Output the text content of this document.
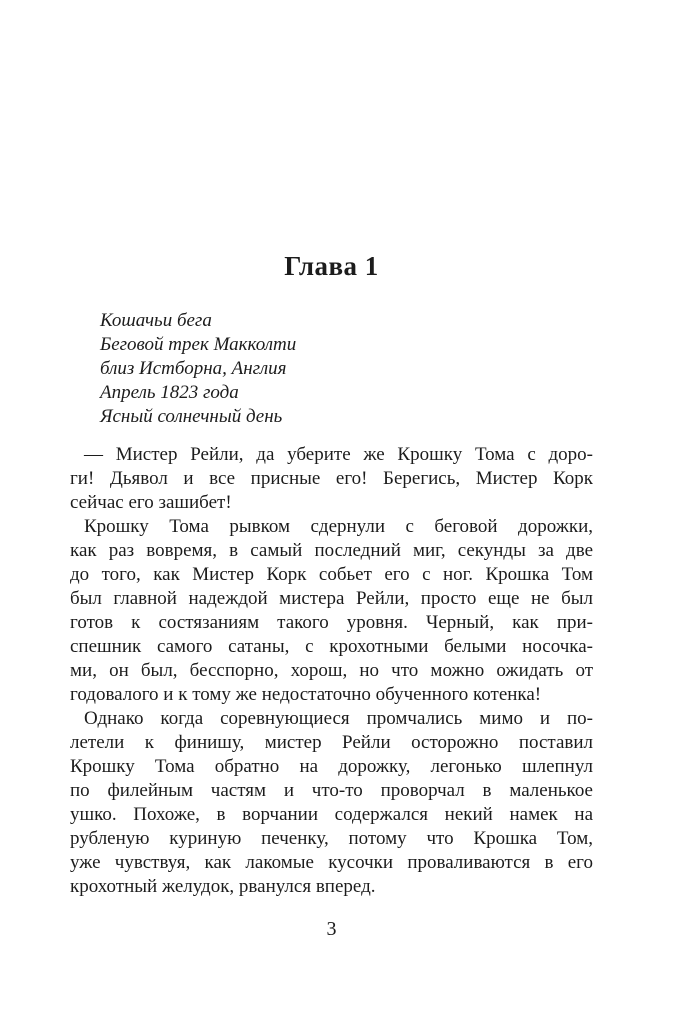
Глава 1
Кошачьи бега
Беговой трек Макколти
близ Истборна, Англия
Апрель 1823 года
Ясный солнечный день
— Мистер Рейли, да уберите же Крошку Тома с доро-
ги! Дьявол и все присные его! Берегись, Мистер Корк
сейчас его зашибет!
Крошку Тома рывком сдернули с беговой дорожки,
как раз вовремя, в самый последний миг, секунды за две
до того, как Мистер Корк собьет его с ног. Крошка Том
был главной надеждой мистера Рейли, просто еще не был
готов к состязаниям такого уровня. Черный, как при-
спешник самого сатаны, с крохотными белыми носочка-
ми, он был, бесспорно, хорош, но что можно ожидать от
годовалого и к тому же недостаточно обученного котенка!
Однако когда соревнующиеся промчались мимо и по-
летели к финишу, мистер Рейли осторожно поставил
Крошку Тома обратно на дорожку, легонько шлепнул
по филейным частям и что-то проворчал в маленькое
ушко. Похоже, в ворчании содержался некий намек на
рубленую куриную печенку, потому что Крошка Том,
уже чувствуя, как лакомые кусочки проваливаются в его
крохотный желудок, рванулся вперед.
3
